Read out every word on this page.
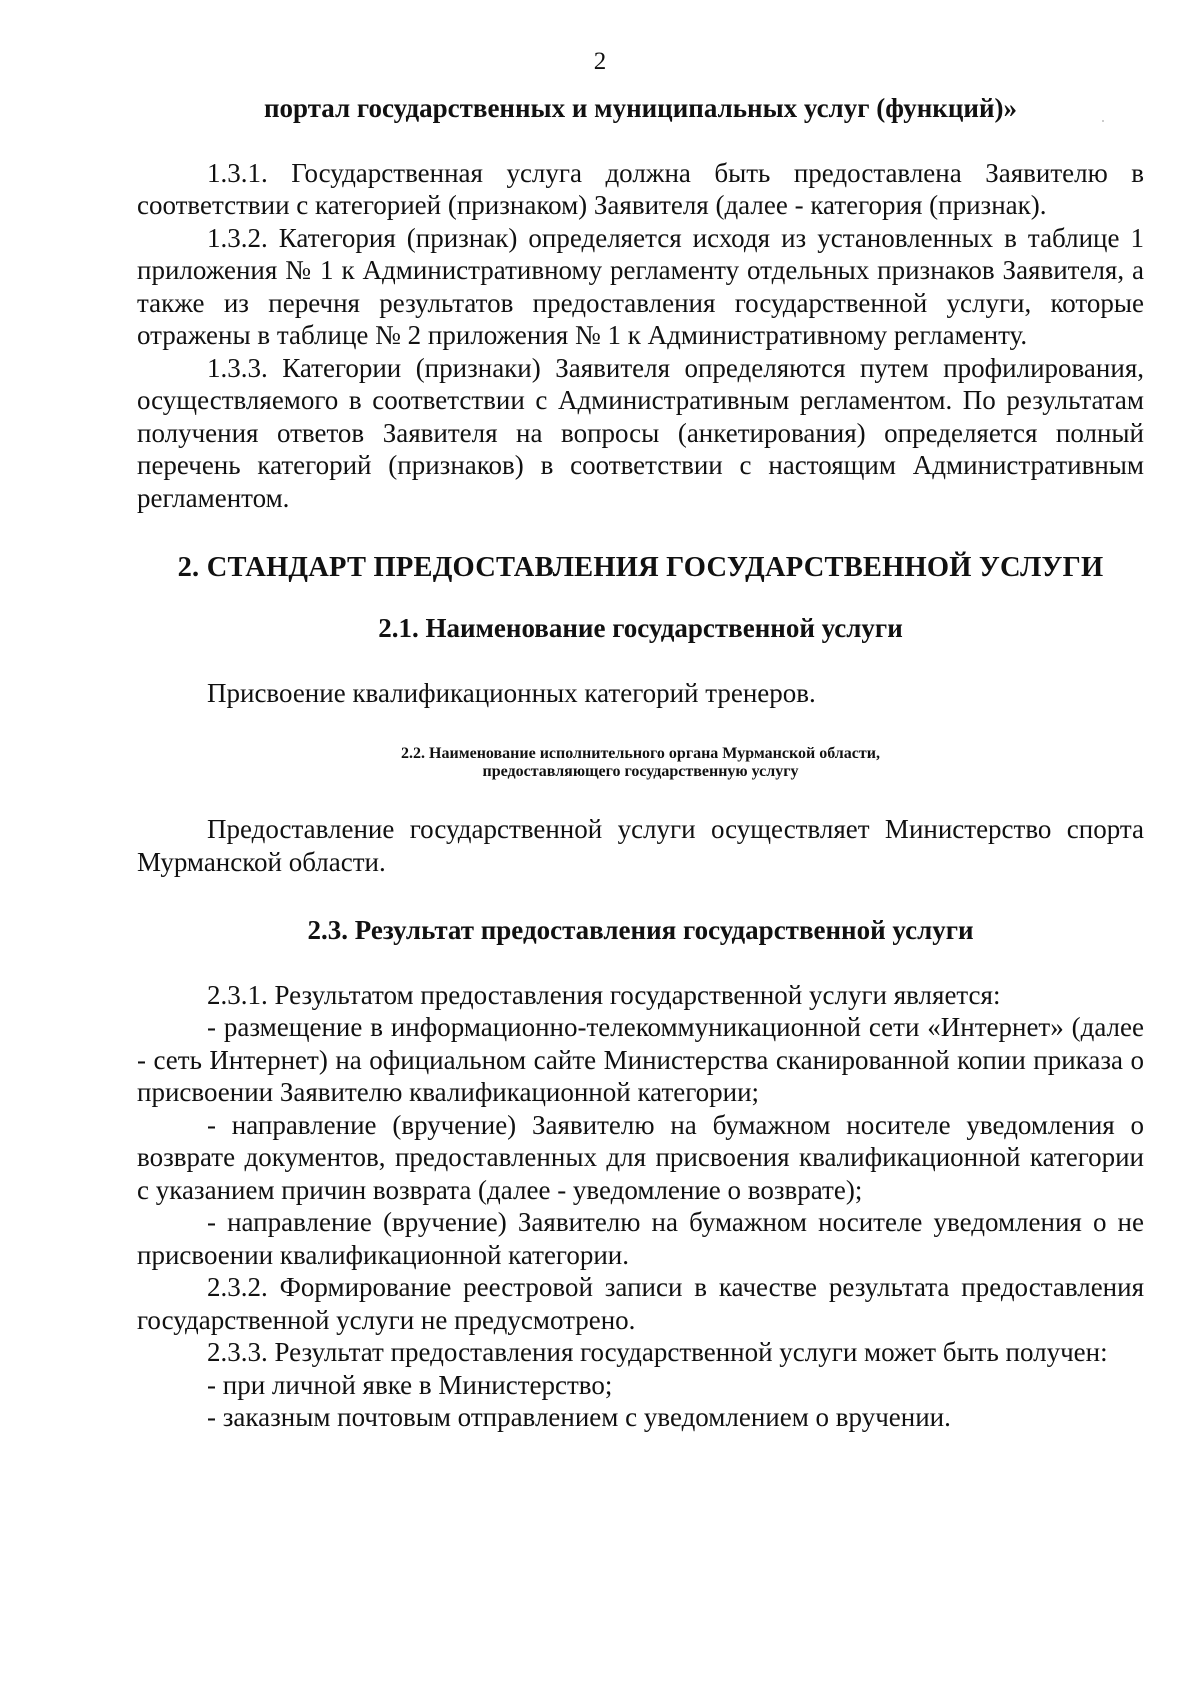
2

портал государственных и муниципальных услуг (функций)»

1.3.1. Государственная услуга должна быть предоставлена Заявителю в соответствии с категорией (признаком) Заявителя (далее - категория (признак).

1.3.2. Категория (признак) определяется исходя из установленных в таблице 1 приложения № 1 к Административному регламенту отдельных признаков Заявителя, а также из перечня результатов предоставления государственной услуги, которые отражены в таблице № 2 приложения № 1 к Административному регламенту.

1.3.3. Категории (признаки) Заявителя определяются путем профилирования, осуществляемого в соответствии с Административным регламентом. По результатам получения ответов Заявителя на вопросы (анкетирования) определяется полный перечень категорий (признаков) в соответствии с настоящим Административным регламентом.

2. СТАНДАРТ ПРЕДОСТАВЛЕНИЯ ГОСУДАРСТВЕННОЙ УСЛУГИ

2.1. Наименование государственной услуги

Присвоение квалификационных категорий тренеров.

2.2. Наименование исполнительного органа Мурманской области,
предоставляющего государственную услугу

Предоставление государственной услуги осуществляет Министерство спорта Мурманской области.

2.3. Результат предоставления государственной услуги

2.3.1. Результатом предоставления государственной услуги является:

- размещение в информационно-телекоммуникационной сети «Интернет» (далее - сеть Интернет) на официальном сайте Министерства сканированной копии приказа о присвоении Заявителю квалификационной категории;

- направление (вручение) Заявителю на бумажном носителе уведомления о возврате документов, предоставленных для присвоения квалификационной категории с указанием причин возврата (далее - уведомление о возврате);

- направление (вручение) Заявителю на бумажном носителе уведомления о не присвоении квалификационной категории.

2.3.2. Формирование реестровой записи в качестве результата предоставления государственной услуги не предусмотрено.

2.3.3. Результат предоставления государственной услуги может быть получен:

- при личной явке в Министерство;

- заказным почтовым отправлением с уведомлением о вручении.
